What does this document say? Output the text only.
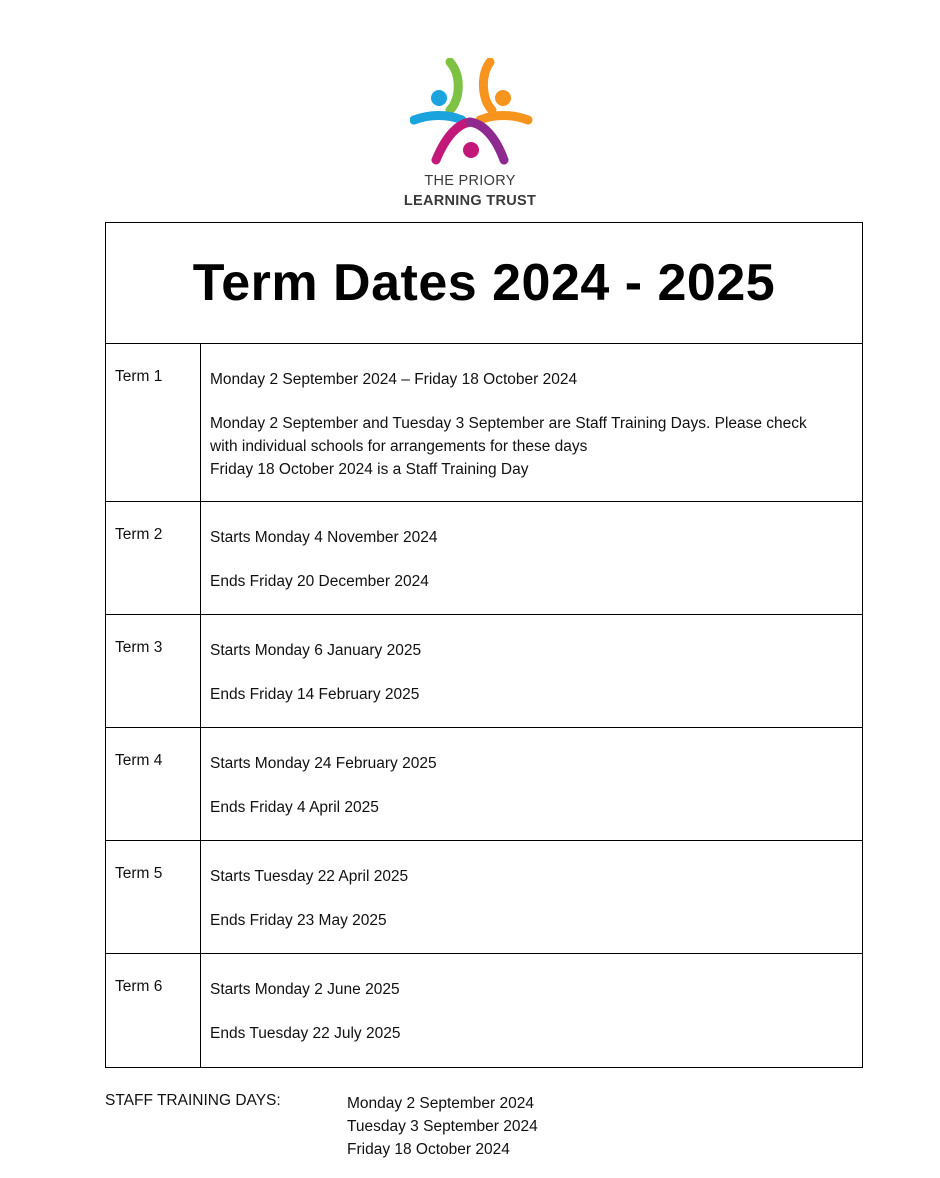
THE PRIORY
LEARNING TRUST
Term Dates 2024 - 2025
Term 1	Monday 2 September 2024 – Friday 18 October 2024

Monday 2 September and Tuesday 3 September are Staff Training Days. Please check

with individual schools for arrangements for these days

Friday 18 October 2024 is a Staff Training Day

Term 2	Starts Monday 4 November 2024

Ends Friday 20 December 2024

Term 3	Starts Monday 6 January 2025

Ends Friday 14 February 2025

Term 4	Starts Monday 24 February 2025

Ends Friday 4 April 2025

Term 5	Starts Tuesday 22 April 2025

Ends Friday 23 May 2025

Term 6	Starts Monday 2 June 2025

Ends Tuesday 22 July 2025

STAFF TRAINING DAYS:	Monday 2 September 2024
Tuesday 3 September 2024
Friday 18 October 2024
